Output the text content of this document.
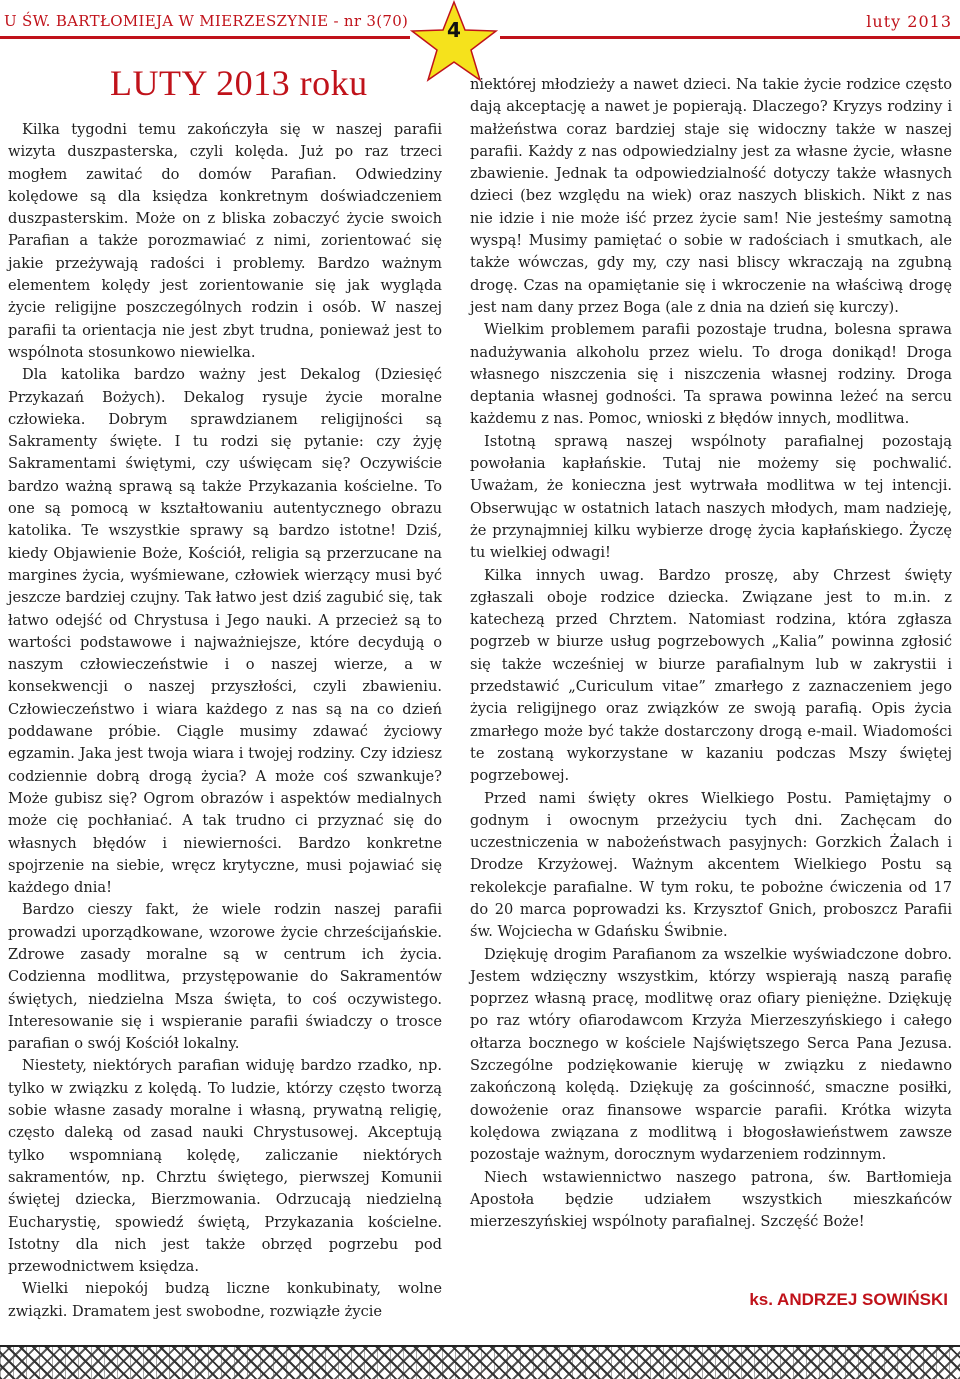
U ŚW. BARTŁOMIEJA W MIERZESZYNIE - nr 3(70)	luty 2013
4
LUTY 2013 roku

Kilka tygodni temu zakończyła się w naszej parafii wizyta duszpasterska, czyli kolęda. Już po raz trzeci mogłem zawitać do domów Parafian. Odwiedziny kolędowe są dla księdza konkretnym doświadczeniem duszpasterskim. Może on z bliska zobaczyć życie swoich Parafian a także porozmawiać z nimi, zorientować się jakie przeżywają radości i problemy. Bardzo ważnym elementem kolędy jest zorientowanie się jak wygląda życie religijne poszczególnych rodzin i osób. W naszej parafii ta orientacja nie jest zbyt trudna, ponieważ jest to wspólnota stosunkowo niewielka.

Dla katolika bardzo ważny jest Dekalog (Dziesięć Przykazań Bożych). Dekalog rysuje życie moralne człowieka. Dobrym sprawdzianem religijności są Sakramenty święte. I tu rodzi się pytanie: czy żyję Sakramentami świętymi, czy uświęcam się? Oczywiście bardzo ważną sprawą są także Przykazania kościelne. To one są pomocą w kształtowaniu autentycznego obrazu katolika. Te wszystkie sprawy są bardzo istotne! Dziś, kiedy Objawienie Boże, Kościół, religia są przerzucane na margines życia, wyśmiewane, człowiek wierzący musi być jeszcze bardziej czujny. Tak łatwo jest dziś zagubić się, tak łatwo odejść od Chrystusa i Jego nauki. A przecież są to wartości podstawowe i najważniejsze, które decydują o naszym człowieczeństwie i o naszej wierze, a w konsekwencji o naszej przyszłości, czyli zbawieniu. Człowieczeństwo i wiara każdego z nas są na co dzień poddawane próbie. Ciągle musimy zdawać życiowy egzamin. Jaka jest twoja wiara i twojej rodziny. Czy idziesz codziennie dobrą drogą życia? A może coś szwankuje? Może gubisz się? Ogrom obrazów i aspektów medialnych może cię pochłaniać. A tak trudno ci przyznać się do własnych błędów i niewierności. Bardzo konkretne spojrzenie na siebie, wręcz krytyczne, musi pojawiać się każdego dnia!

Bardzo cieszy fakt, że wiele rodzin naszej parafii prowadzi uporządkowane, wzorowe życie chrześcijańskie. Zdrowe zasady moralne są w centrum ich życia. Codzienna modlitwa, przystępowanie do Sakramentów świętych, niedzielna Msza święta, to coś oczywistego. Interesowanie się i wspieranie parafii świadczy o trosce parafian o swój Kościół lokalny.

Niestety, niektórych parafian widuję bardzo rzadko, np. tylko w związku z kolędą. To ludzie, którzy często tworzą sobie własne zasady moralne i własną, prywatną religię, często daleką od zasad nauki Chrystusowej. Akceptują tylko wspomnianą kolędę, zaliczanie niektórych sakramentów, np. Chrztu świętego, pierwszej Komunii świętej dziecka, Bierzmowania. Odrzucają niedzielną Eucharystię, spowiedź świętą, Przykazania kościelne. Istotny dla nich jest także obrzęd pogrzebu pod przewodnictwem księdza.

Wielki niepokój budzą liczne konkubinaty, wolne związki. Dramatem jest swobodne, rozwiązłe życie

niektórej młodzieży a nawet dzieci. Na takie życie rodzice często dają akceptację a nawet je popierają. Dlaczego? Kryzys rodziny i małżeństwa coraz bardziej staje się widoczny także w naszej parafii. Każdy z nas odpowiedzialny jest za własne życie, własne zbawienie. Jednak ta odpowiedzialność dotyczy także własnych dzieci (bez względu na wiek) oraz naszych bliskich. Nikt z nas nie idzie i nie może iść przez życie sam! Nie jesteśmy samotną wyspą! Musimy pamiętać o sobie w radościach i smutkach, ale także wówczas, gdy my, czy nasi bliscy wkraczają na zgubną drogę. Czas na opamiętanie się i wkroczenie na właściwą drogę jest nam dany przez Boga (ale z dnia na dzień się kurczy).

Wielkim problemem parafii pozostaje trudna, bolesna sprawa nadużywania alkoholu przez wielu. To droga donikąd! Droga własnego niszczenia się i niszczenia własnej rodziny. Droga deptania własnej godności. Ta sprawa powinna leżeć na sercu każdemu z nas. Pomoc, wnioski z błędów innych, modlitwa.

Istotną sprawą naszej wspólnoty parafialnej pozostają powołania kapłańskie. Tutaj nie możemy się pochwalić. Uważam, że konieczna jest wytrwała modlitwa w tej intencji. Obserwując w ostatnich latach naszych młodych, mam nadzieję, że przynajmniej kilku wybierze drogę życia kapłańskiego. Życzę tu wielkiej odwagi!

Kilka innych uwag. Bardzo proszę, aby Chrzest święty zgłaszali oboje rodzice dziecka. Związane jest to m.in. z katechezą przed Chrztem. Natomiast rodzina, która zgłasza pogrzeb w biurze usług pogrzebowych „Kalia” powinna zgłosić się także wcześniej w biurze parafialnym lub w zakrystii i przedstawić „Curiculum vitae” zmarłego z zaznaczeniem jego życia religijnego oraz związków ze swoją parafią. Opis życia zmarłego może być także dostarczony drogą e-mail. Wiadomości te zostaną wykorzystane w kazaniu podczas Mszy świętej pogrzebowej.

Przed nami święty okres Wielkiego Postu. Pamiętajmy o godnym i owocnym przeżyciu tych dni. Zachęcam do uczestniczenia w nabożeństwach pasyjnych: Gorzkich Żalach i Drodze Krzyżowej. Ważnym akcentem Wielkiego Postu są rekolekcje parafialne. W tym roku, te pobożne ćwiczenia od 17 do 20 marca poprowadzi ks. Krzysztof Gnich, proboszcz Parafii św. Wojciecha w Gdańsku Świbnie.

Dziękuję drogim Parafianom za wszelkie wyświadczone dobro. Jestem wdzięczny wszystkim, którzy wspierają naszą parafię poprzez własną pracę, modlitwę oraz ofiary pieniężne. Dziękuję po raz wtóry ofiarodawcom Krzyża Mierzeszyńskiego i całego ołtarza bocznego w kościele Najświętszego Serca Pana Jezusa. Szczególne podziękowanie kieruję w związku z niedawno zakończoną kolędą. Dziękuję za gościnność, smaczne posiłki, dowożenie oraz finansowe wsparcie parafii. Krótka wizyta kolędowa związana z modlitwą i błogosławieństwem zawsze pozostaje ważnym, dorocznym wydarzeniem rodzinnym.

Niech wstawiennictwo naszego patrona, św. Bartłomieja Apostoła będzie udziałem wszystkich mieszkańców mierzeszyńskiej wspólnoty parafialnej. Szczęść Boże!

ks. ANDRZEJ SOWIŃSKI
